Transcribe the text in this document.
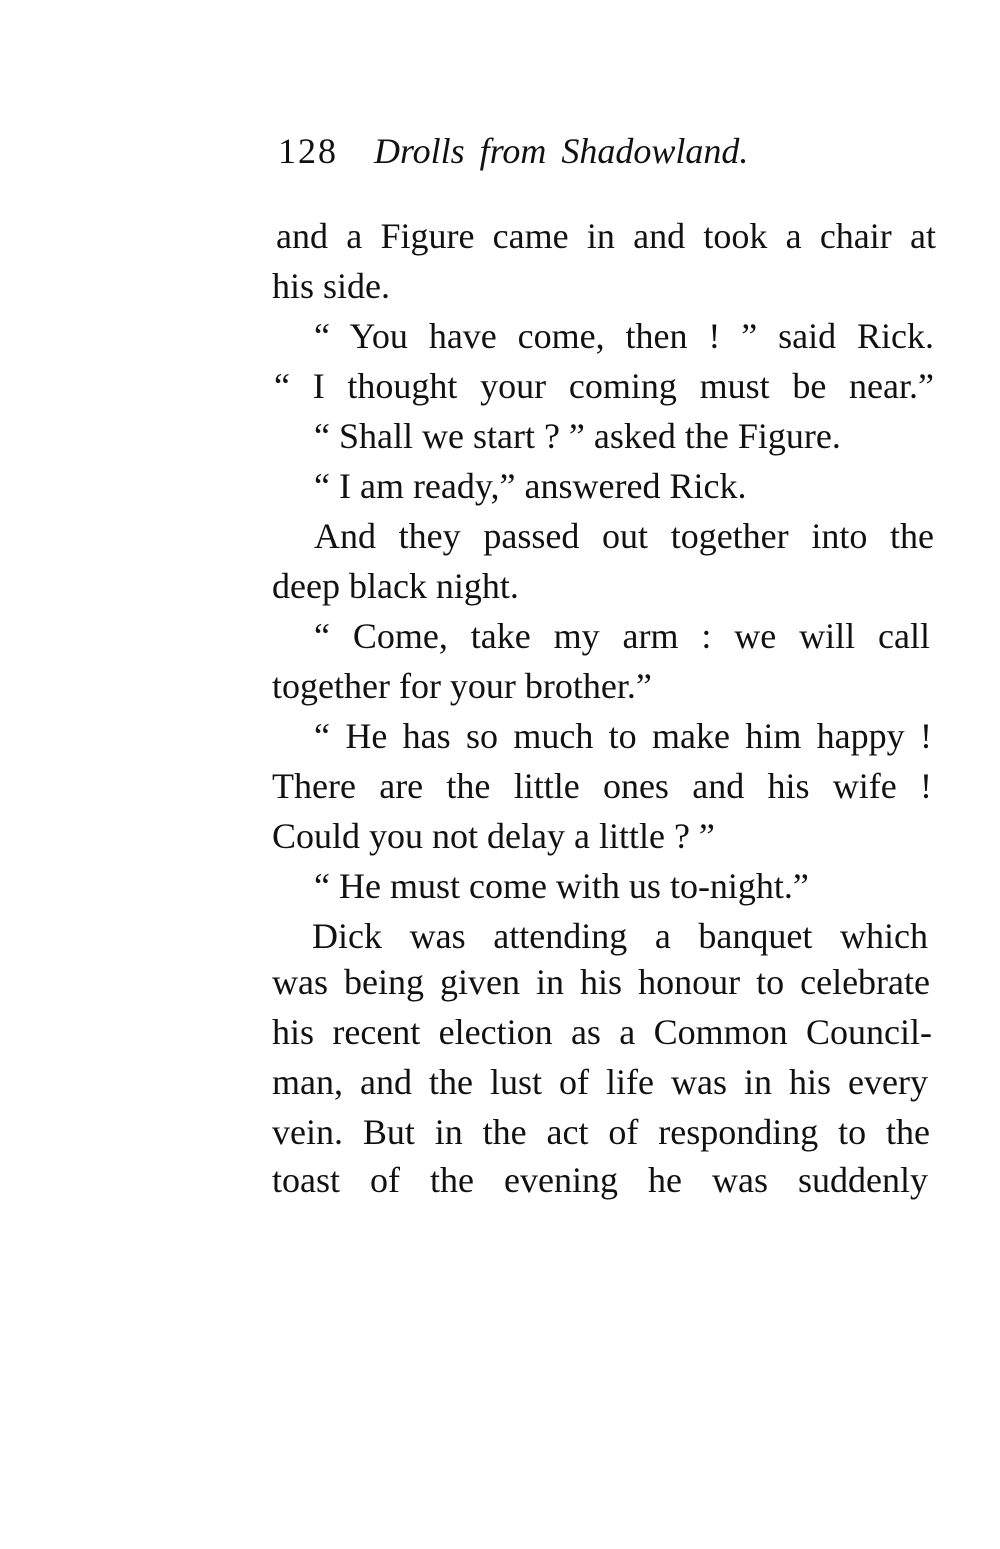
128 Drolls from Shadowland.
and a Figure came in and took a chair at
his side.
“ You have come, then ! ” said Rick.
“ I thought your coming must be near.”
“ Shall we start ? ” asked the Figure.
“ I am ready,” answered Rick.
And they passed out together into the
deep black night.
“ Come, take my arm : we will call
together for your brother.”
“ He has so much to make him happy !
There are the little ones and his wife !
Could you not delay a little ? ”
“ He must come with us to-night.”
Dick was attending a banquet which
was being given in his honour to celebrate
his recent election as a Common Council-
man, and the lust of life was in his every
vein. But in the act of responding to the
toast of the evening he was suddenly
